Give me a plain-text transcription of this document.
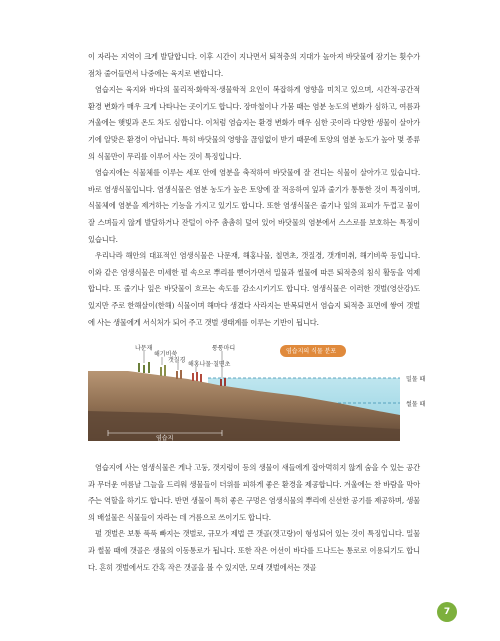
이 자라는 지역이 크게 발달합니다. 이후 시간이 지나면서 퇴적층의 지대가 높아져 바닷물에 잠기는 횟수가 점차 줄어들면서 나중에는 육지로 변합니다.

염습지는 육지와 바다의 물리적·화학적·생물학적 요인이 복잡하게 영향을 미치고 있으며, 시간적·공간적 환경 변화가 매우 크게 나타나는 곳이기도 합니다. 장마철이나 가뭄 때는 염분 농도의 변화가 심하고, 여름과 겨울에는 햇빛과 온도 차도 심합니다. 이처럼 염습지는 환경 변화가 매우 심한 곳이라 다양한 생물이 살아가기에 알맞은 환경이 아닙니다. 특히 바닷물의 영향을 끊임없이 받기 때문에 토양의 염분 농도가 높아 몇 종류의 식물만이 무리를 이루어 사는 것이 특징입니다.

염습지에는 식물체를 이루는 세포 안에 염분을 축적하여 바닷물에 잘 견디는 식물이 살아가고 있습니다. 바로 염생식물입니다. 염생식물은 염분 농도가 높은 토양에 잘 적응하여 잎과 줄기가 통통한 것이 특징이며, 식물체에 염분을 제거하는 기능을 가지고 있기도 합니다. 또한 염생식물은 줄기나 잎의 표피가 두껍고 물이 잘 스며들지 않게 발달하거나 잔털이 아주 촘촘히 덮여 있어 바닷물의 염분에서 스스로를 보호하는 특징이 있습니다.

우리나라 해안의 대표적인 염생식물은 나문재, 해홍나물, 칠면초, 갯질경, 갯개미취, 해기비쑥 등입니다. 이와 같은 염생식물은 미세한 펄 속으로 뿌리를 뻗어가면서 밀물과 썰물에 따른 퇴적층의 침식 활동을 억제합니다. 또 줄기나 잎은 바닷물이 흐르는 속도를 감소시키기도 합니다. 염생식물은 이러한 갯벌(영산강)도 있지만 주로 한해살이(한해) 식물이며 해마다 생겼다 사라지는 반복되면서 염습지 퇴적층 표면에 쌓여 갯벌에 사는 생물에게 서식처가 되어 주고 갯벌 생태계를 이루는 기반이 됩니다.

나문재
해기비쑥
갯질경
해홍나물·칠면초
퉁퉁마디	염습지의 식물 분포
밀물 때
썰물 때
염습지

염습지에 사는 염생식물은 게나 고둥, 갯지렁이 등의 생물이 새들에게 잡아먹히지 않게 숨을 수 있는 공간과 무더운 여름날 그늘을 드리워 생물들이 더위를 피하게 좋은 환경을 제공합니다. 겨울에는 찬 바람을 막아 주는 역할을 하기도 합니다. 반면 생물이 특히 좋은 구멍은 염생식물의 뿌리에 신선한 공기를 제공하며, 생물의 배설물은 식물들이 자라는 데 거름으로 쓰이기도 합니다.

펄 갯벌은 보통 푹푹 빠지는 갯벌로, 규모가 제법 큰 갯골(갯고랑)이 형성되어 있는 것이 특징입니다. 밀물과 썰물 때에 갯골은 생물의 이동통로가 됩니다. 또한 작은 어선이 바다를 드나드는 통로로 이용되기도 합니다. 흔히 갯벌에서도 간혹 작은 갯골을 볼 수 있지만, 모래 갯벌에서는 갯골

7
